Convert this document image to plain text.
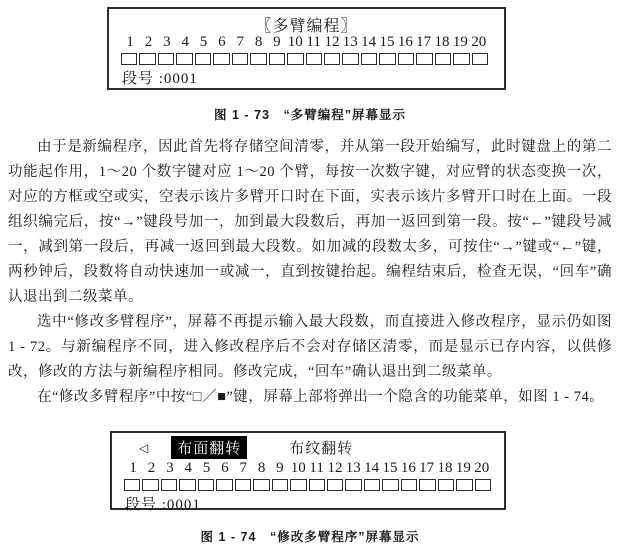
〖多臂编程〗
1 2 3 4 5 6 7 8 9 10 11 12 13 14 15 16 17 18 19 20
段号 :0001
图 1 - 73　“多臂编程”屏幕显示

由于是新编程序，因此首先将存储空间清零，并从第一段开始编写，此时键盘上的第二功能起作用，1～20 个数字键对应 1～20 个臂，每按一次数字键，对应臂的状态变换一次，对应的方框或空或实，空表示该片多臂开口时在下面，实表示该片多臂开口时在上面。一段组织编完后，按“→”键段号加一，加到最大段数后，再加一返回到第一段。按“←”键段号减一，减到第一段后，再减一返回到最大段数。如加减的段数太多，可按住“→”键或“←”键，两秒钟后，段数将自动快速加一或减一，直到按键抬起。编程结束后，检查无误，“回车”确认退出到二级菜单。

选中“修改多臂程序”，屏幕不再提示输入最大段数，而直接进入修改程序，显示仍如图 1 - 72。与新编程序不同，进入修改程序后不会对存储区清零，而是显示已存内容，以供修改，修改的方法与新编程序相同。修改完成，“回车”确认退出到二级菜单。

在“修改多臂程序”中按“□／■”键，屏幕上部将弹出一个隐含的功能菜单，如图 1 - 74。

◁	布面翻转	布纹翻转
1 2 3 4 5 6 7 8 9 10 11 12 13 14 15 16 17 18 19 20
段号 :0001
图 1 - 74　“修改多臂程序”屏幕显示
